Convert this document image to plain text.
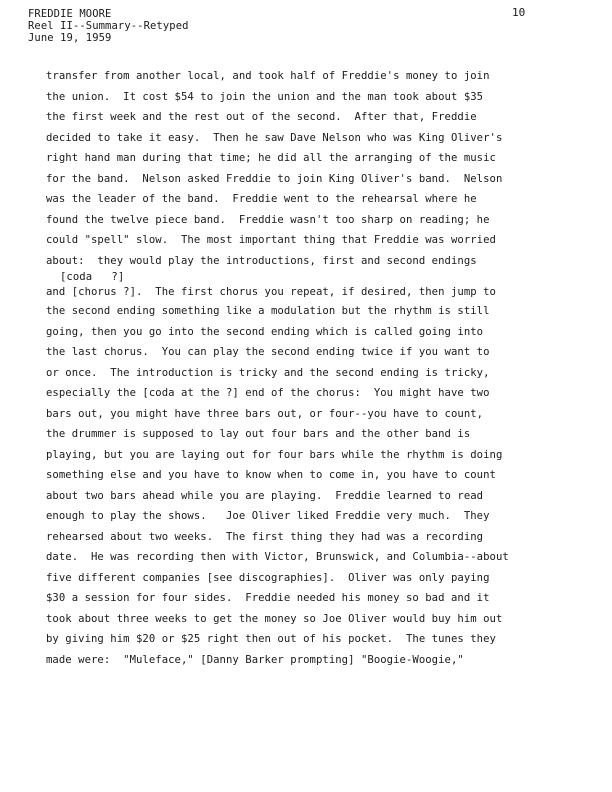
FREDDIE MOORE
Reel II--Summary--Retyped
June 19, 1959
10
transfer from another local, and took half of Freddie's money to join
the union.  It cost $54 to join the union and the man took about $35
the first week and the rest out of the second.  After that, Freddie
decided to take it easy.  Then he saw Dave Nelson who was King Oliver's
right hand man during that time; he did all the arranging of the music
for the band.  Nelson asked Freddie to join King Oliver's band.  Nelson
was the leader of the band.  Freddie went to the rehearsal where he
found the twelve piece band.  Freddie wasn't too sharp on reading; he
could "spell" slow.  The most important thing that Freddie was worried
about:  they would play the introductions, first and second endings
[coda   ?]
and [chorus ?].  The first chorus you repeat, if desired, then jump to
the second ending something like a modulation but the rhythm is still
going, then you go into the second ending which is called going into
the last chorus.  You can play the second ending twice if you want to
or once.  The introduction is tricky and the second ending is tricky,
especially the [coda at the ?] end of the chorus:  You might have two
bars out, you might have three bars out, or four--you have to count,
the drummer is supposed to lay out four bars and the other band is
playing, but you are laying out for four bars while the rhythm is doing
something else and you have to know when to come in, you have to count
about two bars ahead while you are playing.  Freddie learned to read
enough to play the shows.   Joe Oliver liked Freddie very much.  They
rehearsed about two weeks.  The first thing they had was a recording
date.  He was recording then with Victor, Brunswick, and Columbia--about
five different companies [see discographies].  Oliver was only paying
$30 a session for four sides.  Freddie needed his money so bad and it
took about three weeks to get the money so Joe Oliver would buy him out
by giving him $20 or $25 right then out of his pocket.  The tunes they
made were:  "Muleface," [Danny Barker prompting] "Boogie-Woogie,"
